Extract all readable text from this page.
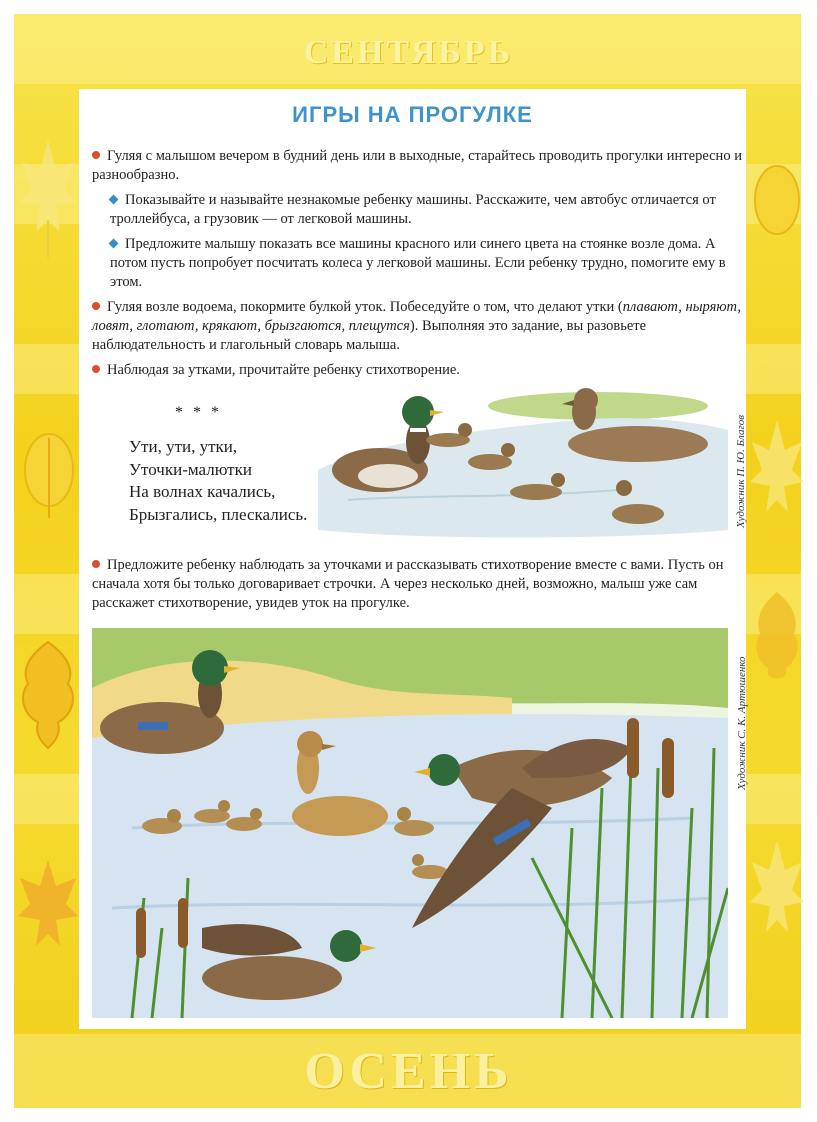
СЕНТЯБРЬ
ОСЕНЬ
ИГРЫ НА ПРОГУЛКЕ
Гуляя с малышом вечером в будний день или в выходные, старайтесь проводить прогулки интересно и разнообразно.
Показывайте и называйте незнакомые ребенку машины. Расскажите, чем автобус отличается от троллейбуса, а грузовик — от легковой машины.
Предложите малышу показать все машины красного или синего цвета на стоянке возле дома. А потом пусть попробует посчитать колеса у легковой машины. Если ребенку трудно, помогите ему в этом.
Гуляя возле водоема, покормите булкой уток. Побеседуйте о том, что делают утки (плавают, ныряют, ловят, глотают, крякают, брызгаются, плещутся). Выполняя это задание, вы разовьете наблюдательность и глагольный словарь малыша.
Наблюдая за утками, прочитайте ребенку стихотворение.
* * *
Ути, ути, утки,
Уточки-малютки
На волнах качались,
Брызгались, плескались.	Художник П. Ю. Благов
Предложите ребенку наблюдать за уточками и рассказывать стихотворение вместе с вами. Пусть он сначала хотя бы только договаривает строчки. А через несколько дней, возможно, малыш уже сам расскажет стихотворение, увидев уток на прогулке.
Художник С. К. Артюшенко
